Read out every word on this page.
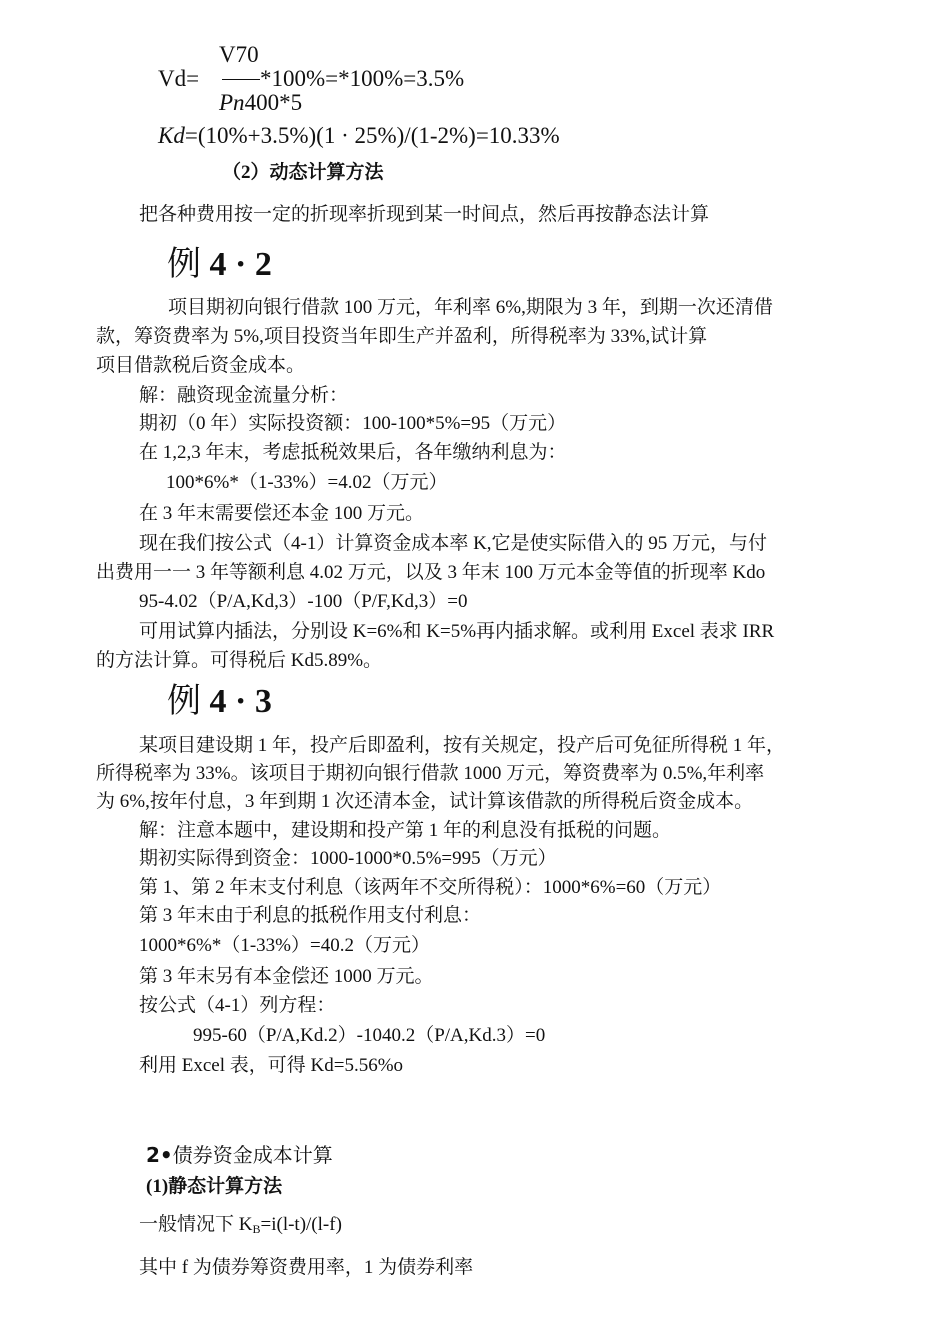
V70
Vd=	*100%=*100%=3.5%
Pn400*5
Kd=(10%+3.5%)(1 · 25%)/(1-2%)=10.33%
（2）动态计算方法
把各种费用按一定的折现率折现到某一时间点，然后再按静态法计算
例 4 · 2
项目期初向银行借款 100 万元，年利率 6%,期限为 3 年，到期一次还清借
款，筹资费率为 5%,项目投资当年即生产并盈利，所得税率为 33%,试计算
项目借款税后资金成本。
解：融资现金流量分析：
期初（0 年）实际投资额：100-100*5%=95（万元）
在 1,2,3 年末，考虑抵税效果后，各年缴纳利息为：
100*6%*（1-33%）=4.02（万元）
在 3 年末需要偿还本金 100 万元。
现在我们按公式（4-1）计算资金成本率 K,它是使实际借入的 95 万元，与付
出费用一一 3 年等额利息 4.02 万元，以及 3 年末 100 万元本金等值的折现率 Kdo
95-4.02（P/A,Kd,3）-100（P/F,Kd,3）=0
可用试算内插法，分别设 K=6%和 K=5%再内插求解。或利用 Excel 表求 IRR
的方法计算。可得税后 Kd5.89%。
例 4 · 3
某项目建设期 1 年，投产后即盈利，按有关规定，投产后可免征所得税 1 年，
所得税率为 33%。该项目于期初向银行借款 1000 万元，筹资费率为 0.5%,年利率
为 6%,按年付息，3 年到期 1 次还清本金，试计算该借款的所得税后资金成本。
解：注意本题中，建设期和投产第 1 年的利息没有抵税的问题。
期初实际得到资金：1000-1000*0.5%=995（万元）
第 1、第 2 年末支付利息（该两年不交所得税）：1000*6%=60（万元）
第 3 年末由于利息的抵税作用支付利息：
1000*6%*（1-33%）=40.2（万元）
第 3 年末另有本金偿还 1000 万元。
按公式（4-1）列方程：
995-60（P/A,Kd.2）-1040.2（P/A,Kd.3）=0
利用 Excel 表，可得 Kd=5.56%o
2•债券资金成本计算
(1)静态计算方法
一般情况下 $K_B=i(l-t)/(l-f)$
其中 f 为债券筹资费用率，1 为债券利率
